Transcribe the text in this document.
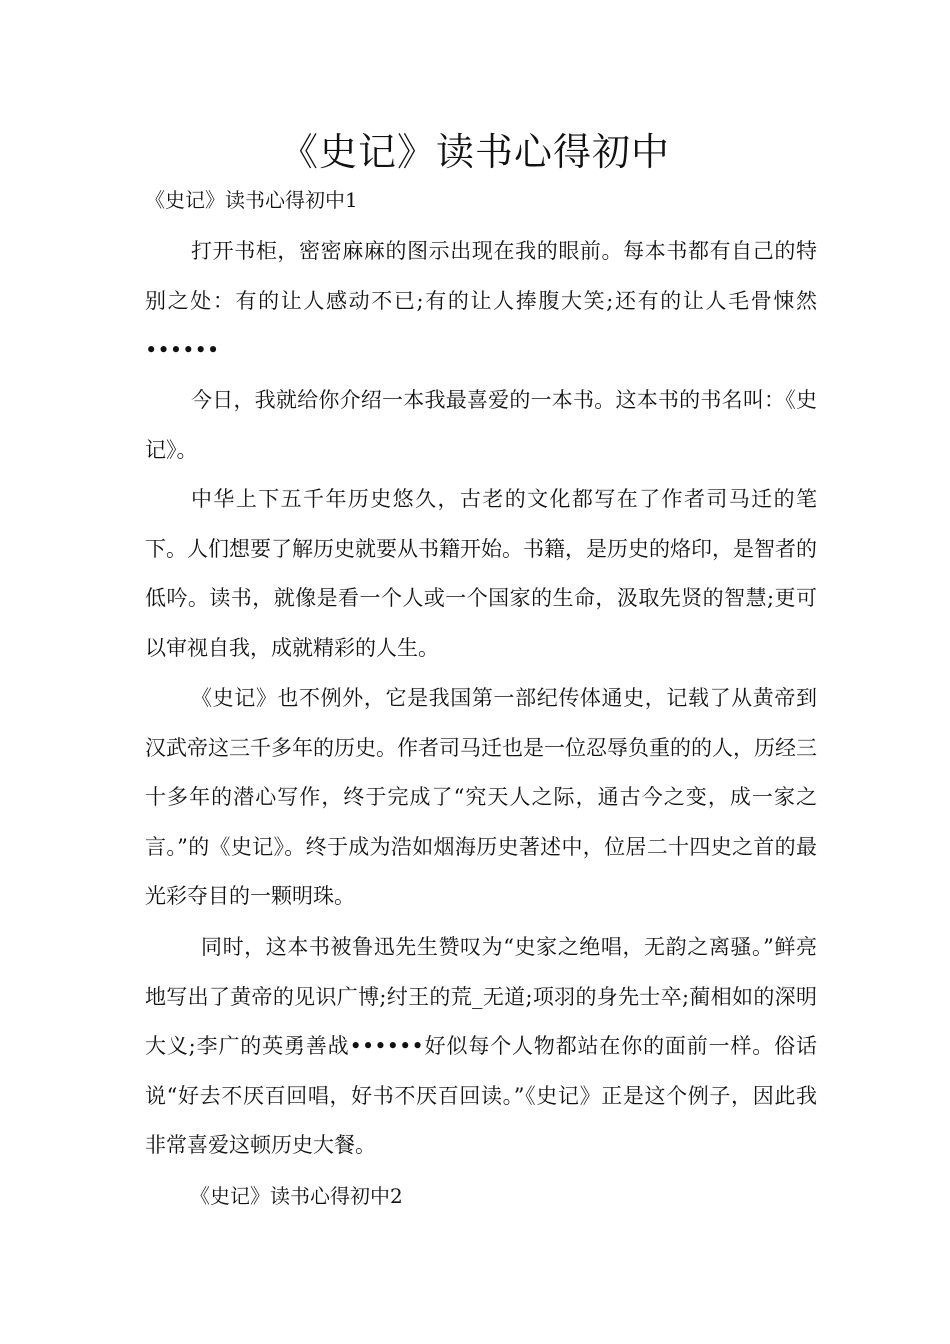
《史记》读书心得初中
《史记》读书心得初中1

打开书柜，密密麻麻的图示出现在我的眼前。每本书都有自己的特别之处：有的让人感动不已;有的让人捧腹大笑;还有的让人毛骨悚然••••••

今日，我就给你介绍一本我最喜爱的一本书。这本书的书名叫：《史记》。

中华上下五千年历史悠久，古老的文化都写在了作者司马迁的笔下。人们想要了解历史就要从书籍开始。书籍，是历史的烙印，是智者的低吟。读书，就像是看一个人或一个国家的生命，汲取先贤的智慧;更可以审视自我，成就精彩的人生。

《史记》也不例外，它是我国第一部纪传体通史，记载了从黄帝到汉武帝这三千多年的历史。作者司马迁也是一位忍辱负重的的人，历经三十多年的潜心写作，终于完成了“究天人之际，通古今之变，成一家之言。”的《史记》。终于成为浩如烟海历史著述中，位居二十四史之首的最光彩夺目的一颗明珠。

同时，这本书被鲁迅先生赞叹为“史家之绝唱，无韵之离骚。”鲜亮地写出了黄帝的见识广博;纣王的荒_无道;项羽的身先士卒;蔺相如的深明大义;李广的英勇善战••••••好似每个人物都站在你的面前一样。俗话说“好去不厌百回唱，好书不厌百回读。”《史记》正是这个例子，因此我非常喜爱这顿历史大餐。

《史记》读书心得初中2
